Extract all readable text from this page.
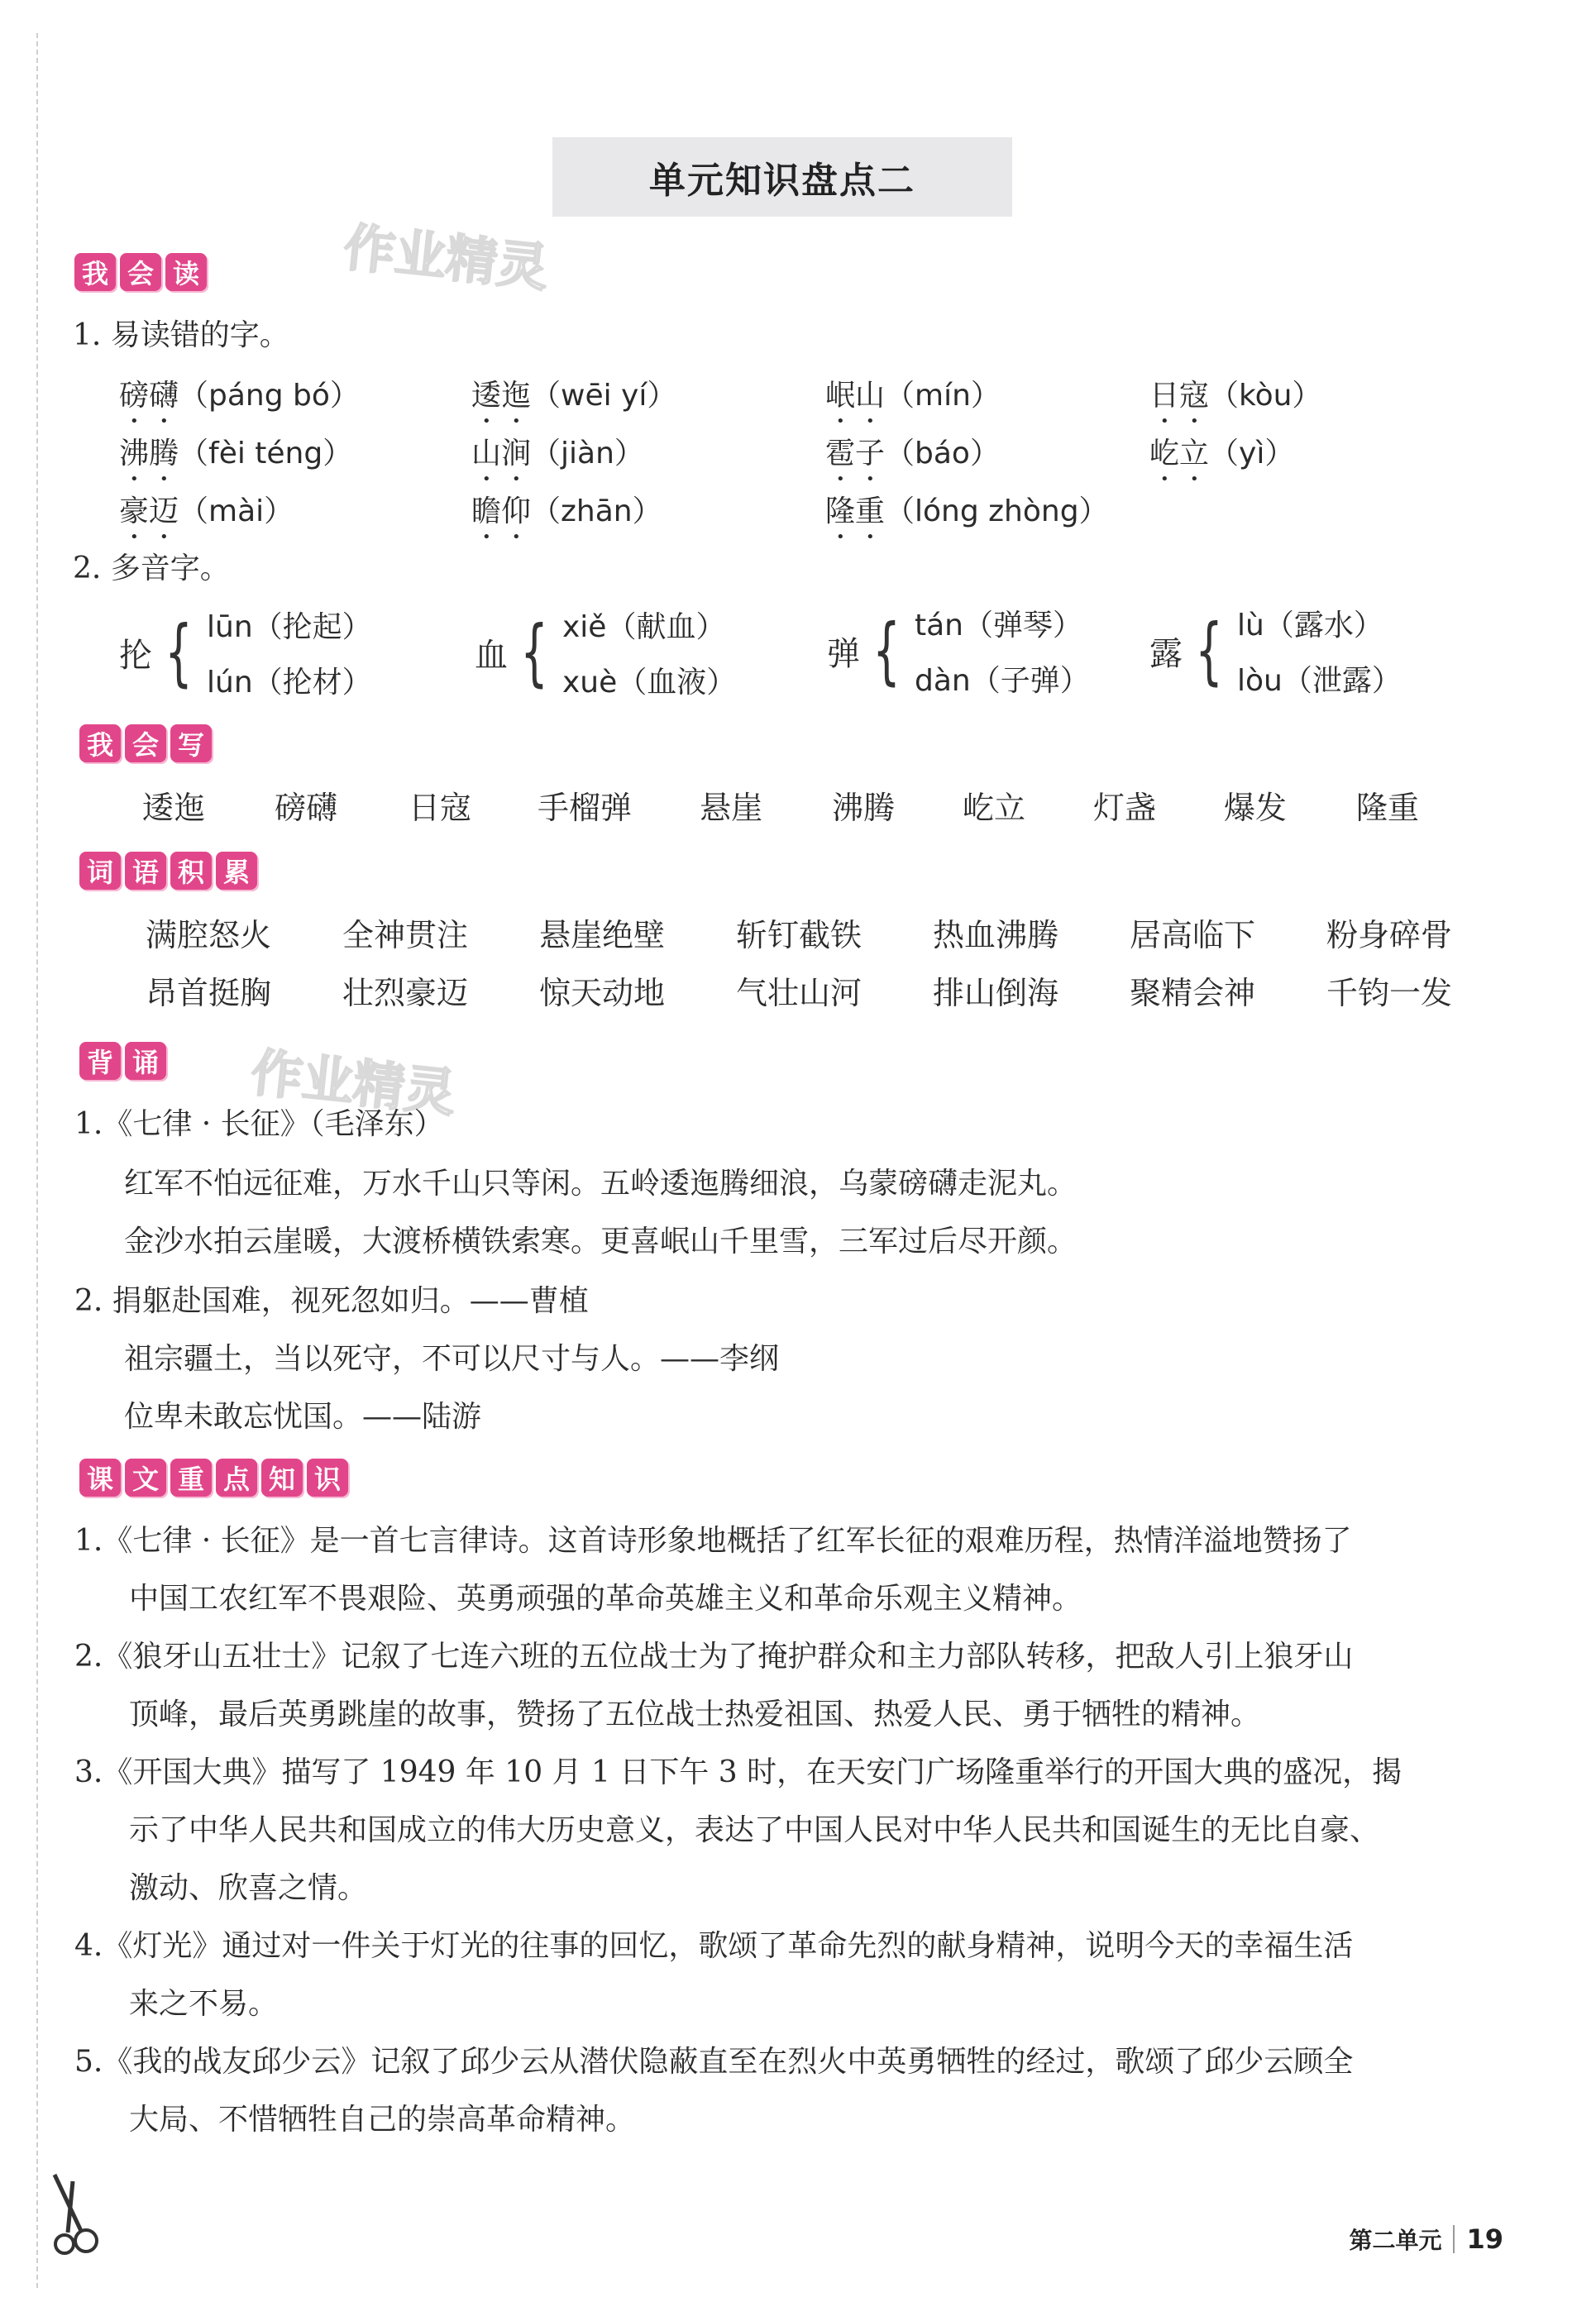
单元知识盘点二
作业精灵
作业精灵
我 会 读
1. 易读错的字。
磅礴（páng bó）	逶迤（wēi yí）	岷山（mín）	日寇（kòu）
沸腾（fèi téng）	山涧（jiàn）	雹子（báo）	屹立（yì）
豪迈（mài）	瞻仰（zhān）	隆重（lóng zhòng）
2. 多音字。
抡 { lūn（抡起）
lún（抡材）
血 { xiě（献血）
xuè（血液）
弹 { tán（弹琴）
dàn（子弹）
露 { lù（露水）
lòu（泄露）
我 会 写
逶迤 磅礴 日寇 手榴弹 悬崖 沸腾 屹立 灯盏 爆发 隆重
词 语 积 累
满腔怒火 全神贯注 悬崖绝壁 斩钉截铁 热血沸腾 居高临下 粉身碎骨
昂首挺胸 壮烈豪迈 惊天动地 气壮山河 排山倒海 聚精会神 千钧一发
背 诵
1.《七律 · 长征》（毛泽东）
红军不怕远征难，万水千山只等闲。五岭逶迤腾细浪，乌蒙磅礴走泥丸。
金沙水拍云崖暖，大渡桥横铁索寒。更喜岷山千里雪，三军过后尽开颜。
2. 捐躯赴国难，视死忽如归。——曹植
祖宗疆土，当以死守，不可以尺寸与人。——李纲
位卑未敢忘忧国。——陆游
课 文 重 点 知 识
1.《七律 · 长征》是一首七言律诗。这首诗形象地概括了红军长征的艰难历程，热情洋溢地赞扬了
中国工农红军不畏艰险、英勇顽强的革命英雄主义和革命乐观主义精神。
2.《狼牙山五壮士》记叙了七连六班的五位战士为了掩护群众和主力部队转移，把敌人引上狼牙山
顶峰，最后英勇跳崖的故事，赞扬了五位战士热爱祖国、热爱人民、勇于牺牲的精神。
3.《开国大典》描写了 1949 年 10 月 1 日下午 3 时，在天安门广场隆重举行的开国大典的盛况，揭
示了中华人民共和国成立的伟大历史意义，表达了中国人民对中华人民共和国诞生的无比自豪、
激动、欣喜之情。
4.《灯光》通过对一件关于灯光的往事的回忆，歌颂了革命先烈的献身精神，说明今天的幸福生活
来之不易。
5.《我的战友邱少云》记叙了邱少云从潜伏隐蔽直至在烈火中英勇牺牲的经过，歌颂了邱少云顾全
大局、不惜牺牲自己的崇高革命精神。
第二单元 19
